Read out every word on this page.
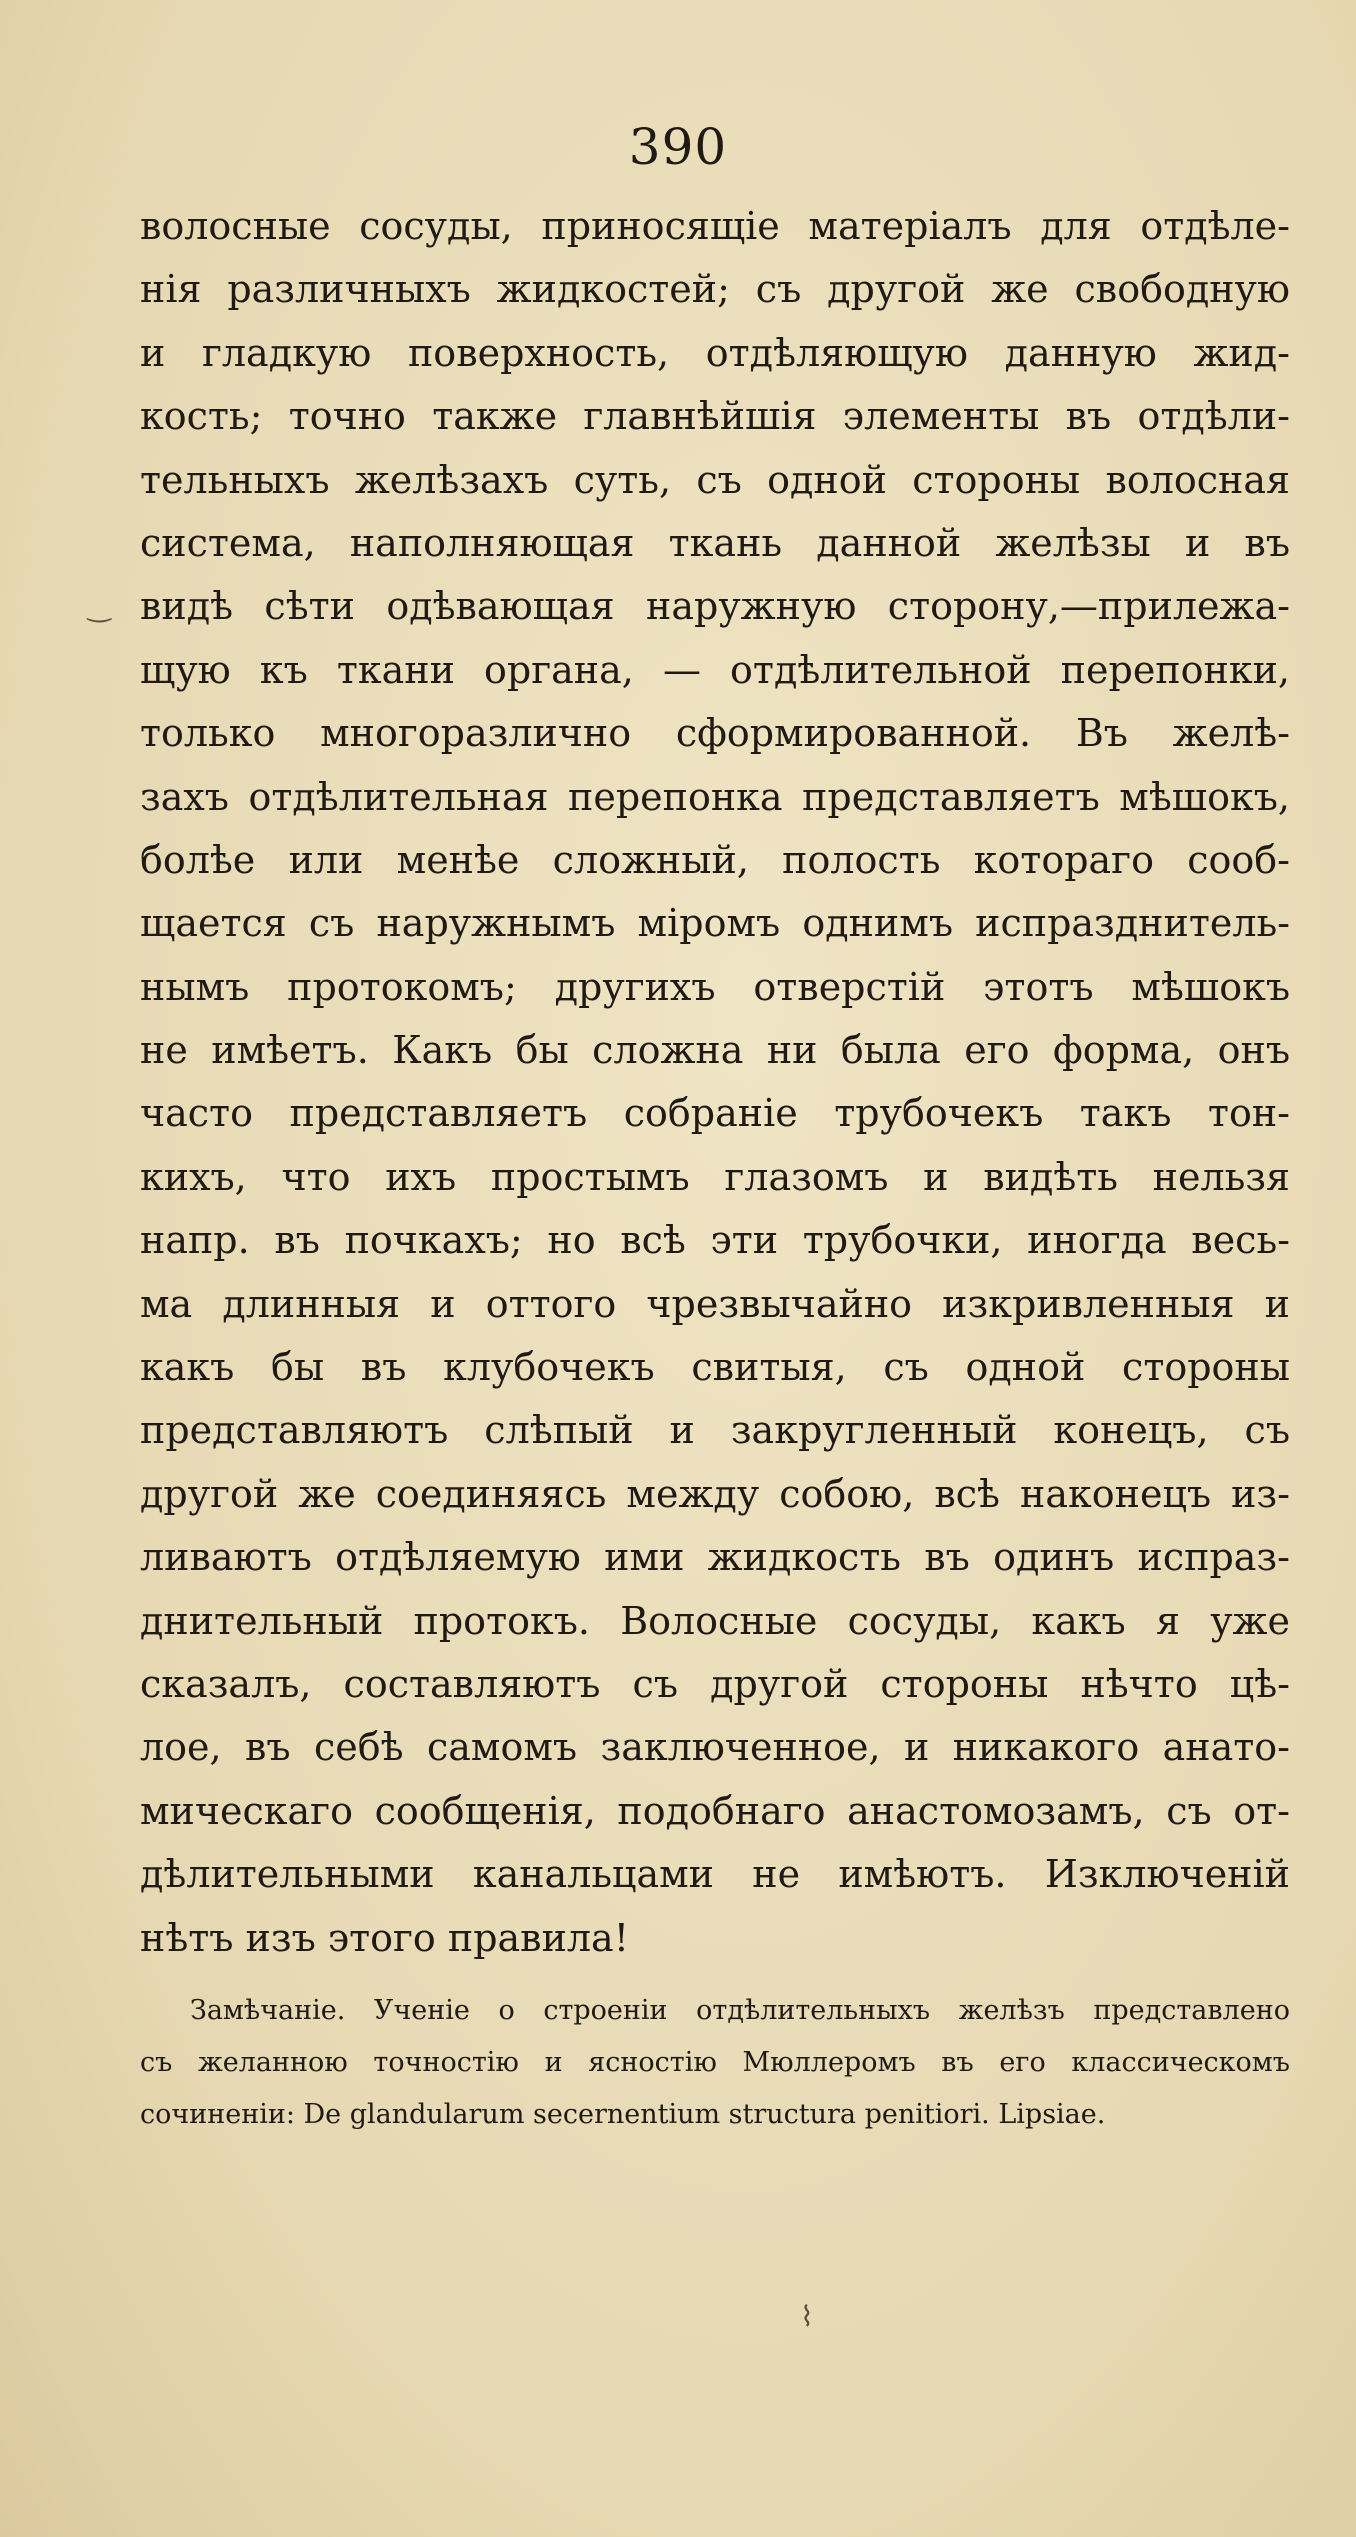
390
волосные сосуды, приносящіе матеріалъ для отдѣле-
нія различныхъ жидкостей; съ другой же свободную
и гладкую поверхность, отдѣляющую данную жид-
кость; точно также главнѣйшія элементы въ отдѣли-
тельныхъ желѣзахъ суть, съ одной стороны волосная
система, наполняющая ткань данной желѣзы и въ
видѣ сѣти одѣвающая наружную сторону,—прилежа-
щую къ ткани органа, — отдѣлительной перепонки,
только многоразлично сформированной. Въ желѣ-
захъ отдѣлительная перепонка представляетъ мѣшокъ,
болѣе или менѣе сложный, полость котораго сооб-
щается съ наружнымъ міромъ однимъ испразднитель-
нымъ протокомъ; другихъ отверстій этотъ мѣшокъ
не имѣетъ. Какъ бы сложна ни была его форма, онъ
часто представляетъ собраніе трубочекъ такъ тон-
кихъ, что ихъ простымъ глазомъ и видѣть нельзя
напр. въ почкахъ; но всѣ эти трубочки, иногда весь-
ма длинныя и оттого чрезвычайно изкривленныя и
какъ бы въ клубочекъ свитыя, съ одной стороны
представляютъ слѣпый и закругленный конецъ, съ
другой же соединяясь между собою, всѣ наконецъ из-
ливаютъ отдѣляемую ими жидкость въ одинъ испраз-
днительный протокъ. Волосные сосуды, какъ я уже
сказалъ, составляютъ съ другой стороны нѣчто цѣ-
лое, въ себѣ самомъ заключенное, и никакого анато-
мическаго сообщенія, подобнаго анастомозамъ, съ от-
дѣлительными канальцами не имѣютъ. Изключеній
нѣтъ изъ этого правила!
Замѣчаніе. Ученіе о строеніи отдѣлительныхъ желѣзъ представлено
съ желанною точностію и ясностію Мюллеромъ въ его классическомъ
сочиненіи: De glandularum secernentium structura penitiori. Lipsiae.
‿
⌇
